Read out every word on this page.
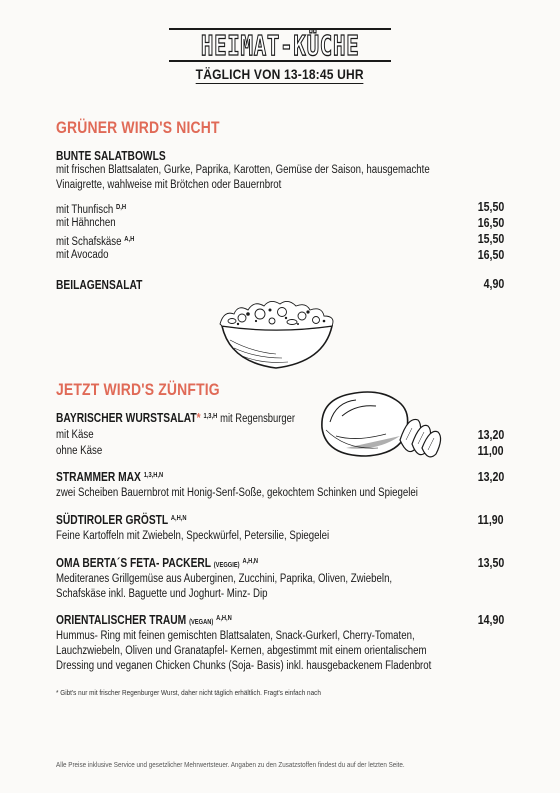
HEIMAT-KÜCHE
TÄGLICH VON 13-18:45 UHR
GRÜNER WIRD'S NICHT
BUNTE SALATBOWLS
mit frischen Blattsalaten, Gurke, Paprika, Karotten, Gemüse der Saison, hausgemachte
Vinaigrette, wahlweise mit Brötchen oder Bauernbrot
mit Thunfisch $^{D,H}$	15,50
mit Hähnchen	16,50
mit Schafskäse $^{A,H}$	15,50
mit Avocado	16,50
BEILAGENSALAT	4,90
JETZT WIRD'S ZÜNFTIG
BAYRISCHER WURSTSALAT* $^{1,3,H}$ mit Regensburger
mit Käse	13,20
ohne Käse	11,00
STRAMMER MAX $^{1,3,H,N}$	13,20
zwei Scheiben Bauernbrot mit Honig-Senf-Soße, gekochtem Schinken und Spiegelei
SÜDTIROLER GRÖSTL $^{A,H,N}$	11,90
Feine Kartoffeln mit Zwiebeln, Speckwürfel, Petersilie, Spiegelei
OMA BERTA´S FETA- PACKERL (VEGGIE) $^{A,H,N}$	13,50
Mediteranes Grillgemüse aus Auberginen, Zucchini, Paprika, Oliven, Zwiebeln,
Schafskäse inkl. Baguette und Joghurt- Minz- Dip
ORIENTALISCHER TRAUM (VEGAN) $^{A,H,N}$	14,90
Hummus- Ring mit feinen gemischten Blattsalaten, Snack-Gurkerl, Cherry-Tomaten,
Lauchzwiebeln, Oliven und Granatapfel- Kernen, abgestimmt mit einem orientalischem
Dressing und veganen Chicken Chunks (Soja- Basis) inkl. hausgebackenem Fladenbrot
* Gibt's nur mit frischer Regenburger Wurst, daher nicht täglich erhältlich. Fragt's einfach nach
Alle Preise inklusive Service und gesetzlicher Mehrwertsteuer. Angaben zu den Zusatzstoffen findest du auf der letzten Seite.
